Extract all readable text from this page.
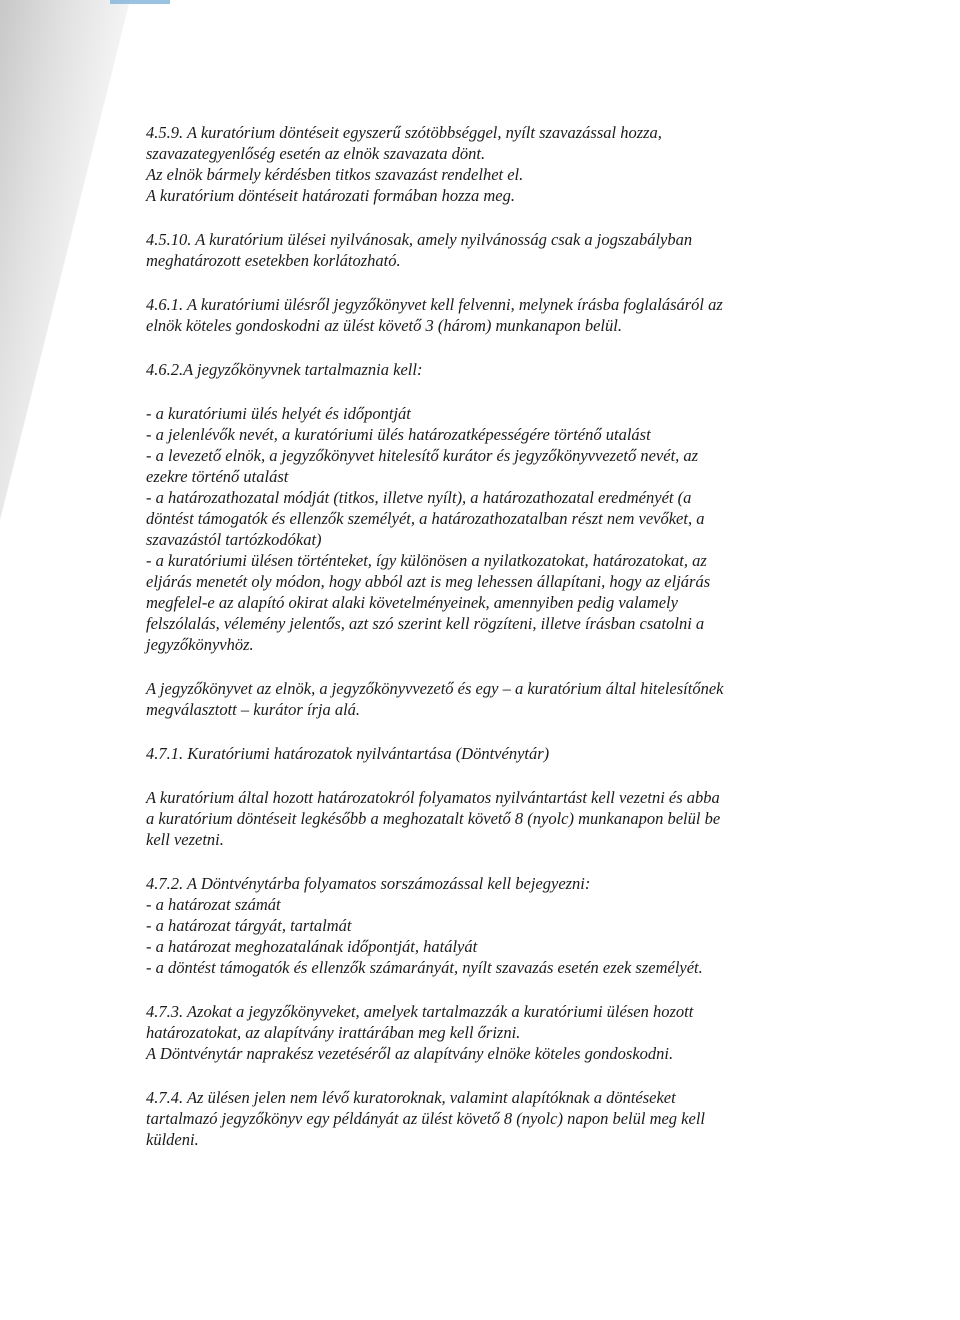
4.5.9. A kuratórium döntéseit egyszerű szótöbbséggel, nyílt szavazással hozza,
szavazategyenlőség esetén az elnök szavazata dönt.
Az elnök bármely kérdésben titkos szavazást rendelhet el.
A kuratórium döntéseit határozati formában hozza meg.

4.5.10. A kuratórium ülései nyilvánosak, amely nyilvánosság csak a jogszabályban
meghatározott esetekben korlátozható.

4.6.1. A kuratóriumi ülésről jegyzőkönyvet kell felvenni, melynek írásba foglalásáról az
elnök köteles gondoskodni az ülést követő 3 (három) munkanapon belül.

4.6.2.A jegyzőkönyvnek tartalmaznia kell:

- a kuratóriumi ülés helyét és időpontját
- a jelenlévők nevét, a kuratóriumi ülés határozatképességére történő utalást
- a levezető elnök, a jegyzőkönyvet hitelesítő kurátor és jegyzőkönyvvezető nevét, az
ezekre történő utalást
- a határozathozatal módját (titkos, illetve nyílt), a határozathozatal eredményét (a
döntést támogatók és ellenzők személyét, a határozathozatalban részt nem vevőket, a
szavazástól tartózkodókat)
- a kuratóriumi ülésen történteket, így különösen a nyilatkozatokat, határozatokat, az
eljárás menetét oly módon, hogy abból azt is meg lehessen állapítani, hogy az eljárás
megfelel-e az alapító okirat alaki követelményeinek, amennyiben pedig valamely
felszólalás, vélemény jelentős, azt szó szerint kell rögzíteni, illetve írásban csatolni a
jegyzőkönyvhöz.

A jegyzőkönyvet az elnök, a jegyzőkönyvvezető és egy – a kuratórium által hitelesítőnek
megválasztott – kurátor írja alá.

4.7.1. Kuratóriumi határozatok nyilvántartása (Döntvénytár)

A kuratórium által hozott határozatokról folyamatos nyilvántartást kell vezetni és abba
a kuratórium döntéseit legkésőbb a meghozatalt követő 8 (nyolc) munkanapon belül be
kell vezetni.

4.7.2. A Döntvénytárba folyamatos sorszámozással kell bejegyezni:
- a határozat számát
- a határozat tárgyát, tartalmát
- a határozat meghozatalának időpontját, hatályát
- a döntést támogatók és ellenzők számarányát, nyílt szavazás esetén ezek személyét.

4.7.3. Azokat a jegyzőkönyveket, amelyek tartalmazzák a kuratóriumi ülésen hozott
határozatokat, az alapítvány irattárában meg kell őrizni.
A Döntvénytár naprakész vezetéséről az alapítvány elnöke köteles gondoskodni.

4.7.4. Az ülésen jelen nem lévő kuratoroknak, valamint alapítóknak a döntéseket
tartalmazó jegyzőkönyv egy példányát az ülést követő 8 (nyolc) napon belül meg kell
küldeni.
